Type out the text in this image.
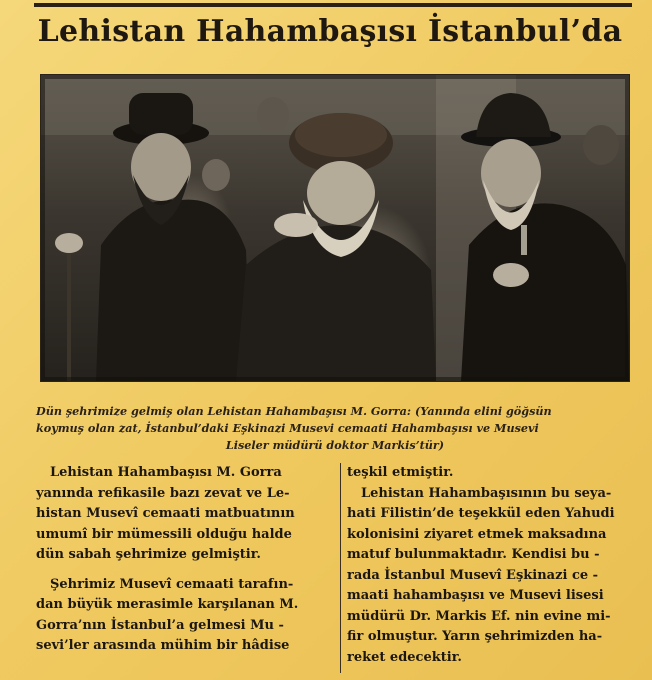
Lehistan Hahambaşısı İstanbul’da
Dün şehrimize gelmiş olan Lehistan Hahambaşısı M. Gorra: (Yanında elini göğsün
koymuş olan zat, İstanbul’daki Eşkinazi Musevi cemaati Hahambaşısı ve Musevi
Liseler müdürü doktor Markis’tür)
Lehistan Hahambaşısı M. Gorra
yanında refikasile bazı zevat ve Le-
histan Musevî cemaati matbuatının
umumî bir mümessili olduğu halde
dün sabah şehrimize gelmiştir.
Şehrimiz Musevî cemaati tarafın-
dan büyük merasimle karşılanan M.
Gorra’nın İstanbul’a gelmesi Mu -
sevi’ler arasında mühim bir hâdise
teşkil etmiştir.
Lehistan Hahambaşısının bu seya-
hati Filistin’de teşekkül eden Yahudi
kolonisini ziyaret etmek maksadına
matuf bulunmaktadır. Kendisi bu -
rada İstanbul Musevî Eşkinazi ce -
maati hahambaşısı ve Musevi lisesi
müdürü Dr. Markis Ef. nin evine mi-
fir olmuştur. Yarın şehrimizden ha-
reket edecektir.
